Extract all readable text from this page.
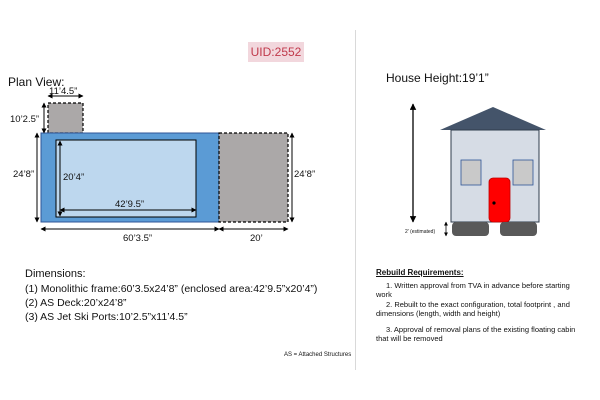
UID:2552
Plan View:	House Height:19’1”
11’4.5”
10’2.5”
24’8”	20’4”
42’9.5”
60’3.5”
24’8”
20’
2’ (estimated)
Dimensions:
(1) Monolithic frame:60’3.5x24’8” (enclosed area:42’9.5”x20’4”)
(2) AS Deck:20’x24’8”
(3) AS Jet Ski Ports:10’2.5”x11’4.5”
Rebuild Requirements:
1. Written approval from TVA in advance before starting work
2. Rebuilt to the exact configuration, total footprint , and dimensions (length, width and height)
3. Approval of removal plans of the existing floating cabin that will be removed
AS = Attached Structures
